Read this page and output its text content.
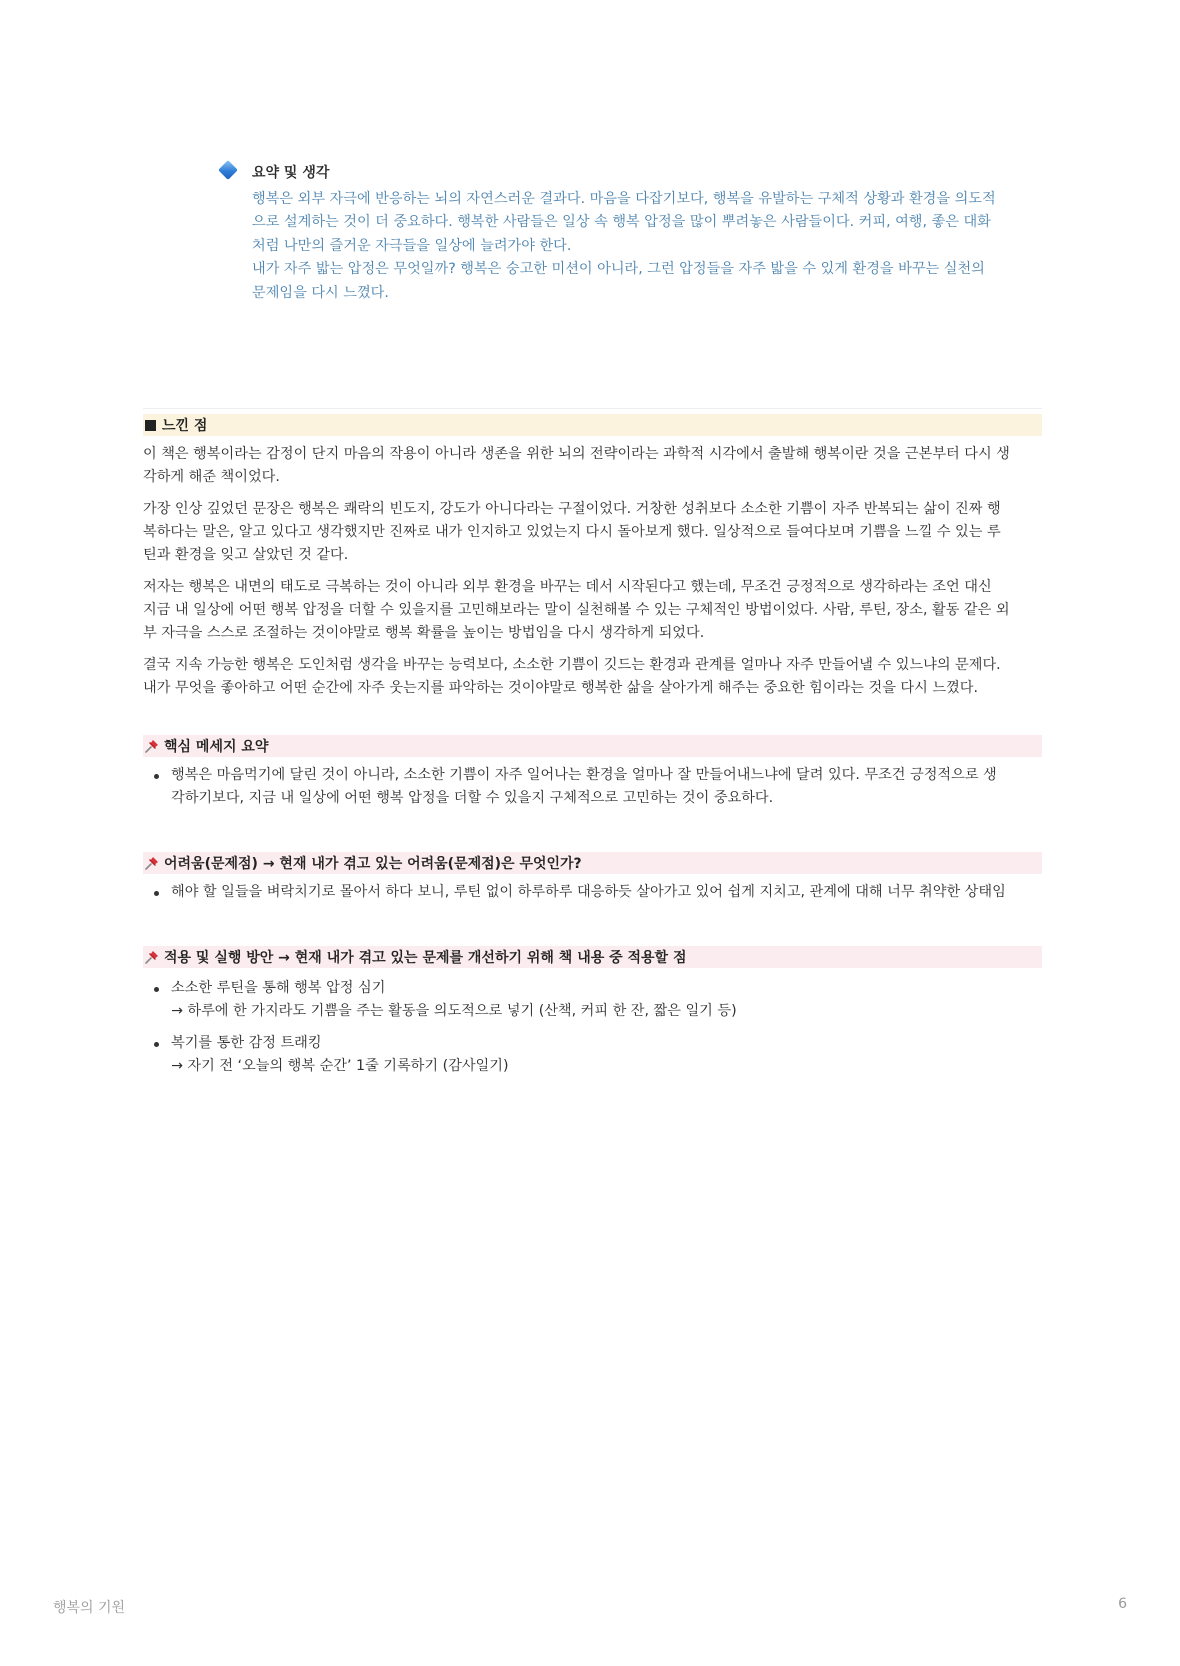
요약 및 생각

행복은 외부 자극에 반응하는 뇌의 자연스러운 결과다. 마음을 다잡기보다, 행복을 유발하는 구체적 상황과 환경을 의도적

으로 설계하는 것이 더 중요하다. 행복한 사람들은 일상 속 행복 압정을 많이 뿌려놓은 사람들이다. 커피, 여행, 좋은 대화

처럼 나만의 즐거운 자극들을 일상에 늘려가야 한다.

내가 자주 밟는 압정은 무엇일까? 행복은 숭고한 미션이 아니라, 그런 압정들을 자주 밟을 수 있게 환경을 바꾸는 실천의

문제임을 다시 느꼈다.

느낀 점

이 책은 행복이라는 감정이 단지 마음의 작용이 아니라 생존을 위한 뇌의 전략이라는 과학적 시각에서 출발해 행복이란 것을 근본부터 다시 생
각하게 해준 책이었다.

가장 인상 깊었던 문장은 행복은 쾌락의 빈도지, 강도가 아니다라는 구절이었다. 거창한 성취보다 소소한 기쁨이 자주 반복되는 삶이 진짜 행
복하다는 말은, 알고 있다고 생각했지만 진짜로 내가 인지하고 있었는지 다시 돌아보게 했다. 일상적으로 들여다보며 기쁨을 느낄 수 있는 루
틴과 환경을 잊고 살았던 것 같다.

저자는 행복은 내면의 태도로 극복하는 것이 아니라 외부 환경을 바꾸는 데서 시작된다고 했는데, 무조건 긍정적으로 생각하라는 조언 대신
지금 내 일상에 어떤 행복 압정을 더할 수 있을지를 고민해보라는 말이 실천해볼 수 있는 구체적인 방법이었다. 사람, 루틴, 장소, 활동 같은 외
부 자극을 스스로 조절하는 것이야말로 행복 확률을 높이는 방법임을 다시 생각하게 되었다.

결국 지속 가능한 행복은 도인처럼 생각을 바꾸는 능력보다, 소소한 기쁨이 깃드는 환경과 관계를 얼마나 자주 만들어낼 수 있느냐의 문제다.
내가 무엇을 좋아하고 어떤 순간에 자주 웃는지를 파악하는 것이야말로 행복한 삶을 살아가게 해주는 중요한 힘이라는 것을 다시 느꼈다.

핵심 메세지 요약
행복은 마음먹기에 달린 것이 아니라, 소소한 기쁨이 자주 일어나는 환경을 얼마나 잘 만들어내느냐에 달려 있다. 무조건 긍정적으로 생
각하기보다, 지금 내 일상에 어떤 행복 압정을 더할 수 있을지 구체적으로 고민하는 것이 중요하다.
어려움(문제점) → 현재 내가 겪고 있는 어려움(문제점)은 무엇인가?
해야 할 일들을 벼락치기로 몰아서 하다 보니, 루틴 없이 하루하루 대응하듯 살아가고 있어 쉽게 지치고, 관계에 대해 너무 취약한 상태임
적용 및 실행 방안 → 현재 내가 겪고 있는 문제를 개선하기 위해 책 내용 중 적용할 점
소소한 루틴을 통해 행복 압정 심기
→ 하루에 한 가지라도 기쁨을 주는 활동을 의도적으로 넣기 (산책, 커피 한 잔, 짧은 일기 등)
복기를 통한 감정 트래킹
→ 자기 전 ‘오늘의 행복 순간’ 1줄 기록하기 (감사일기)
행복의 기원	6
